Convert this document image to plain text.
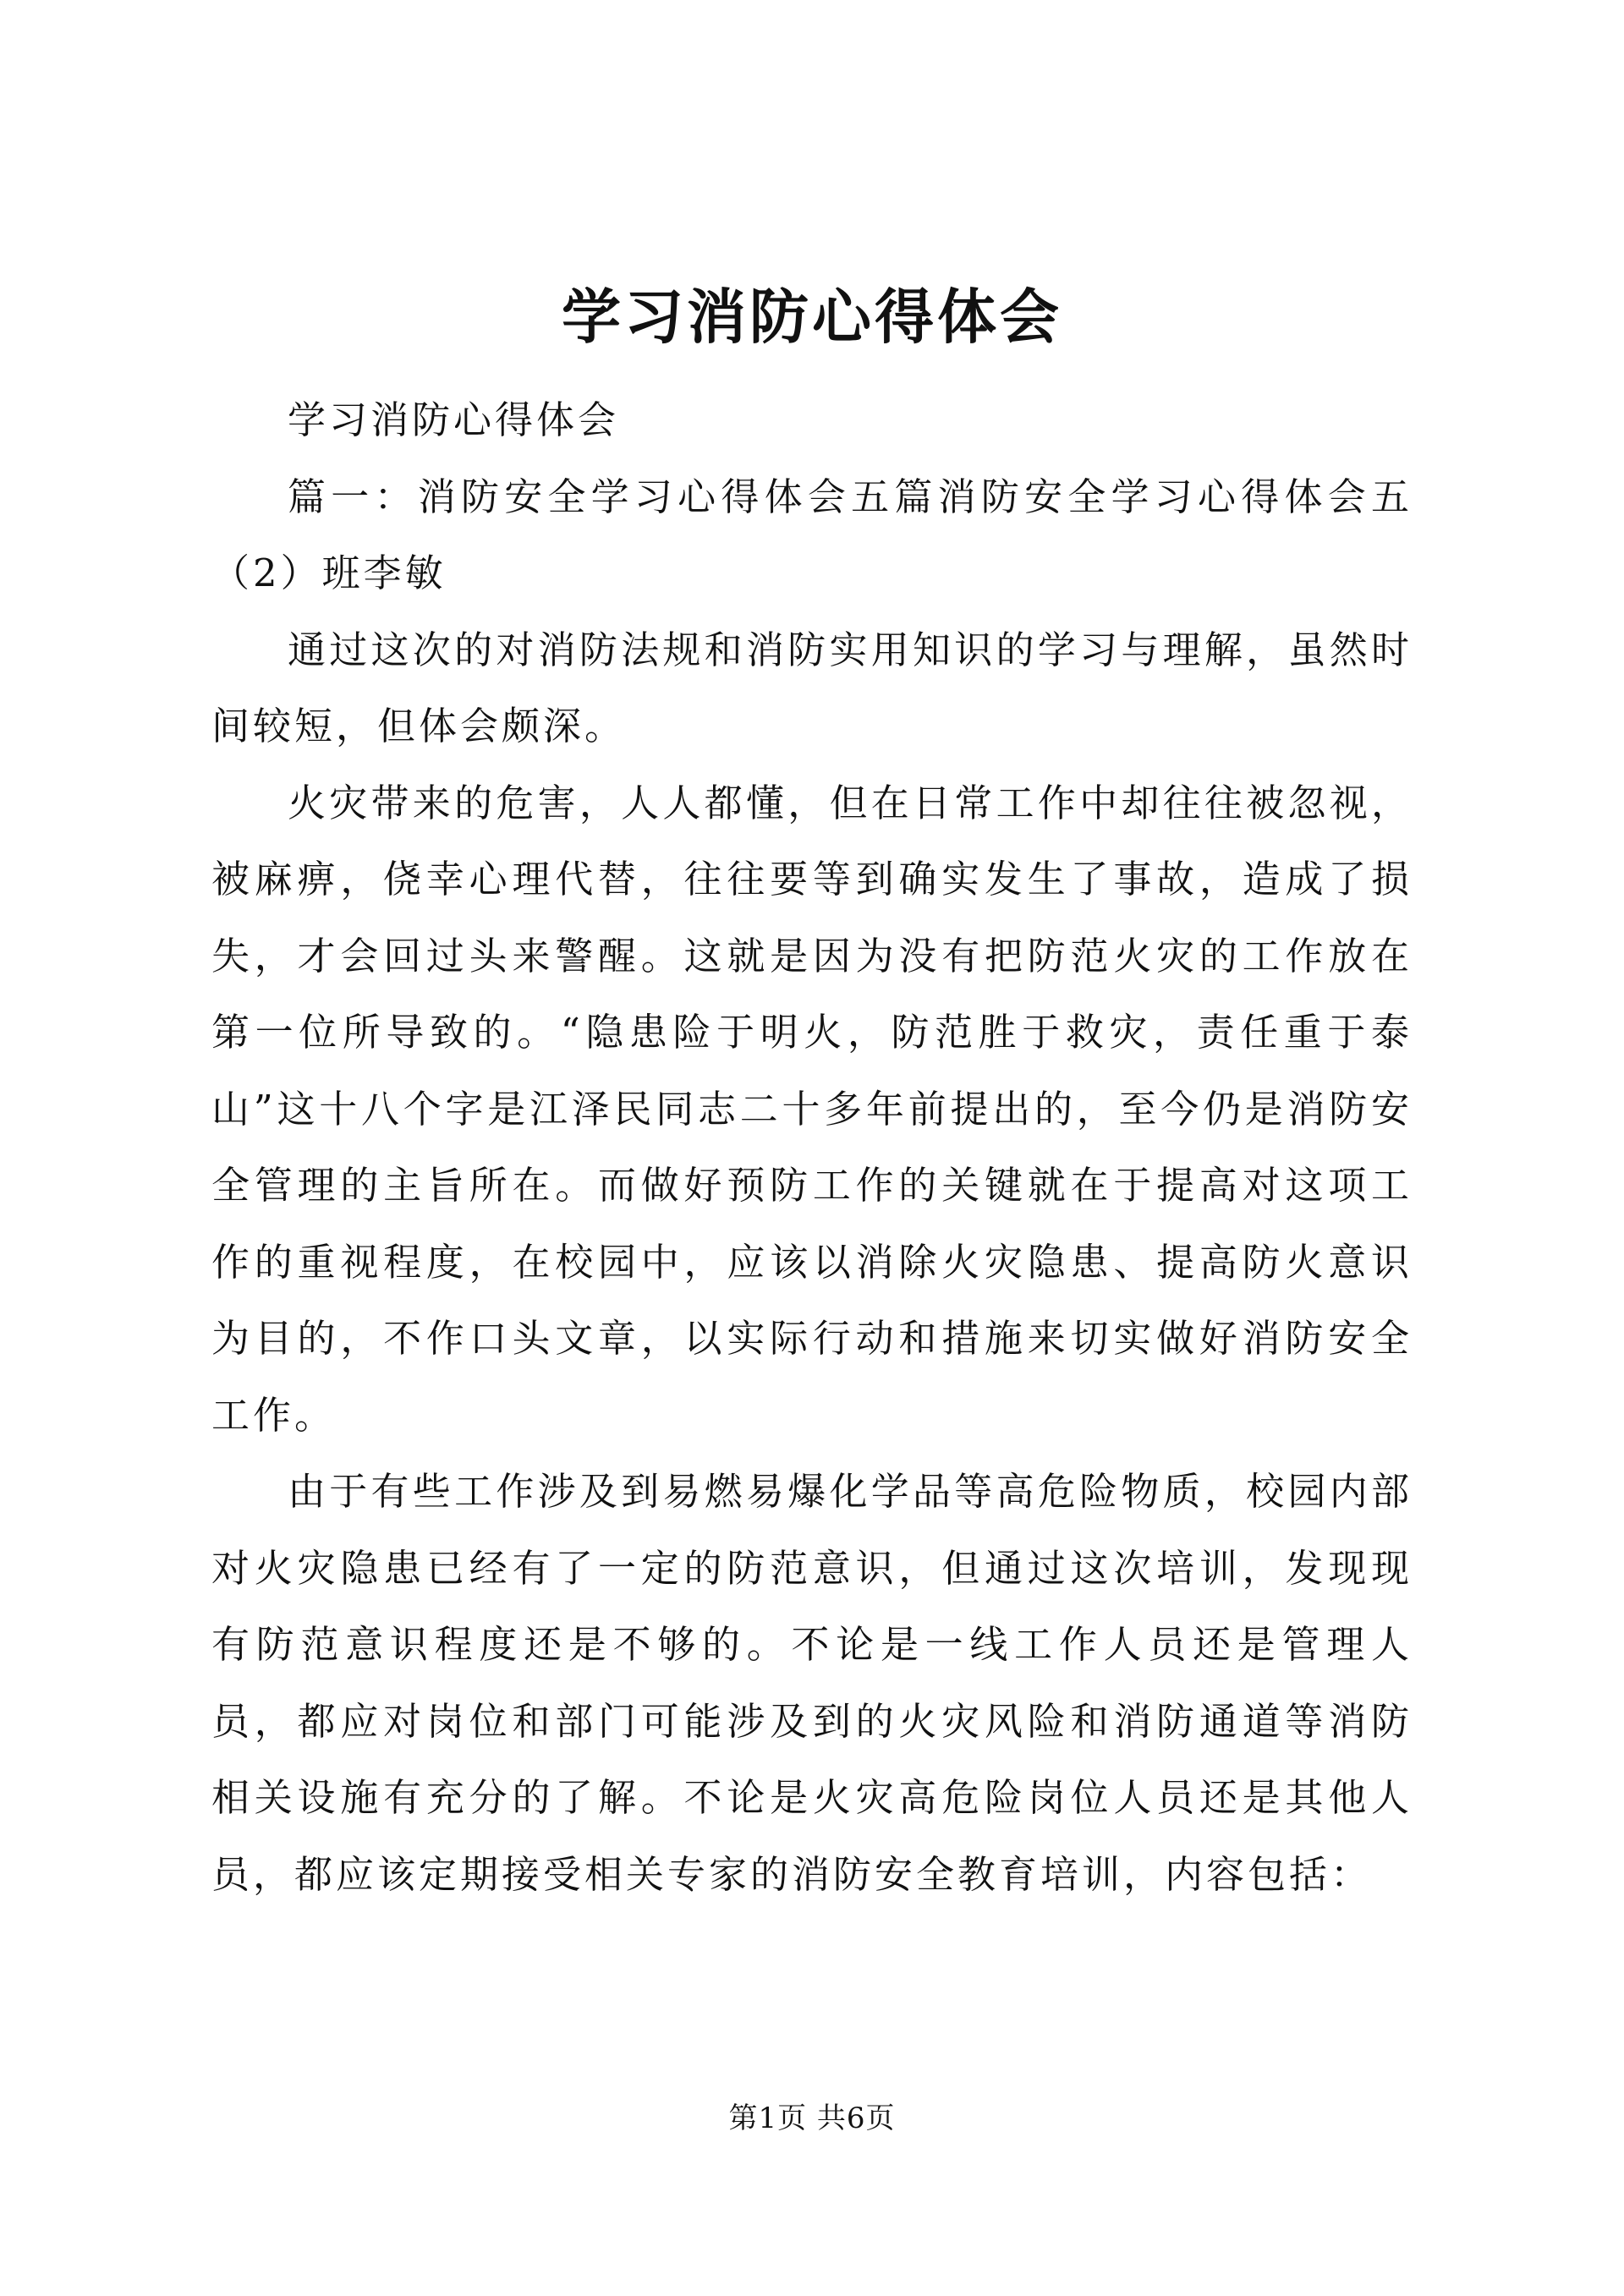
学习消防心得体会

学习消防心得体会

篇一：消防安全学习心得体会五篇消防安全学习心得体会五（2）班李敏

通过这次的对消防法规和消防实用知识的学习与理解，虽然时间较短，但体会颇深。

火灾带来的危害，人人都懂，但在日常工作中却往往被忽视，被麻痹，侥幸心理代替，往往要等到确实发生了事故，造成了损失，才会回过头来警醒。这就是因为没有把防范火灾的工作放在第一位所导致的。“隐患险于明火，防范胜于救灾，责任重于泰山”这十八个字是江泽民同志二十多年前提出的，至今仍是消防安全管理的主旨所在。而做好预防工作的关键就在于提高对这项工作的重视程度，在校园中，应该以消除火灾隐患、提高防火意识为目的，不作口头文章，以实际行动和措施来切实做好消防安全工作。

由于有些工作涉及到易燃易爆化学品等高危险物质，校园内部对火灾隐患已经有了一定的防范意识，但通过这次培训，发现现有防范意识程度还是不够的。不论是一线工作人员还是管理人员，都应对岗位和部门可能涉及到的火灾风险和消防通道等消防相关设施有充分的了解。不论是火灾高危险岗位人员还是其他人员，都应该定期接受相关专家的消防安全教育培训，内容包括：

第1页 共6页
